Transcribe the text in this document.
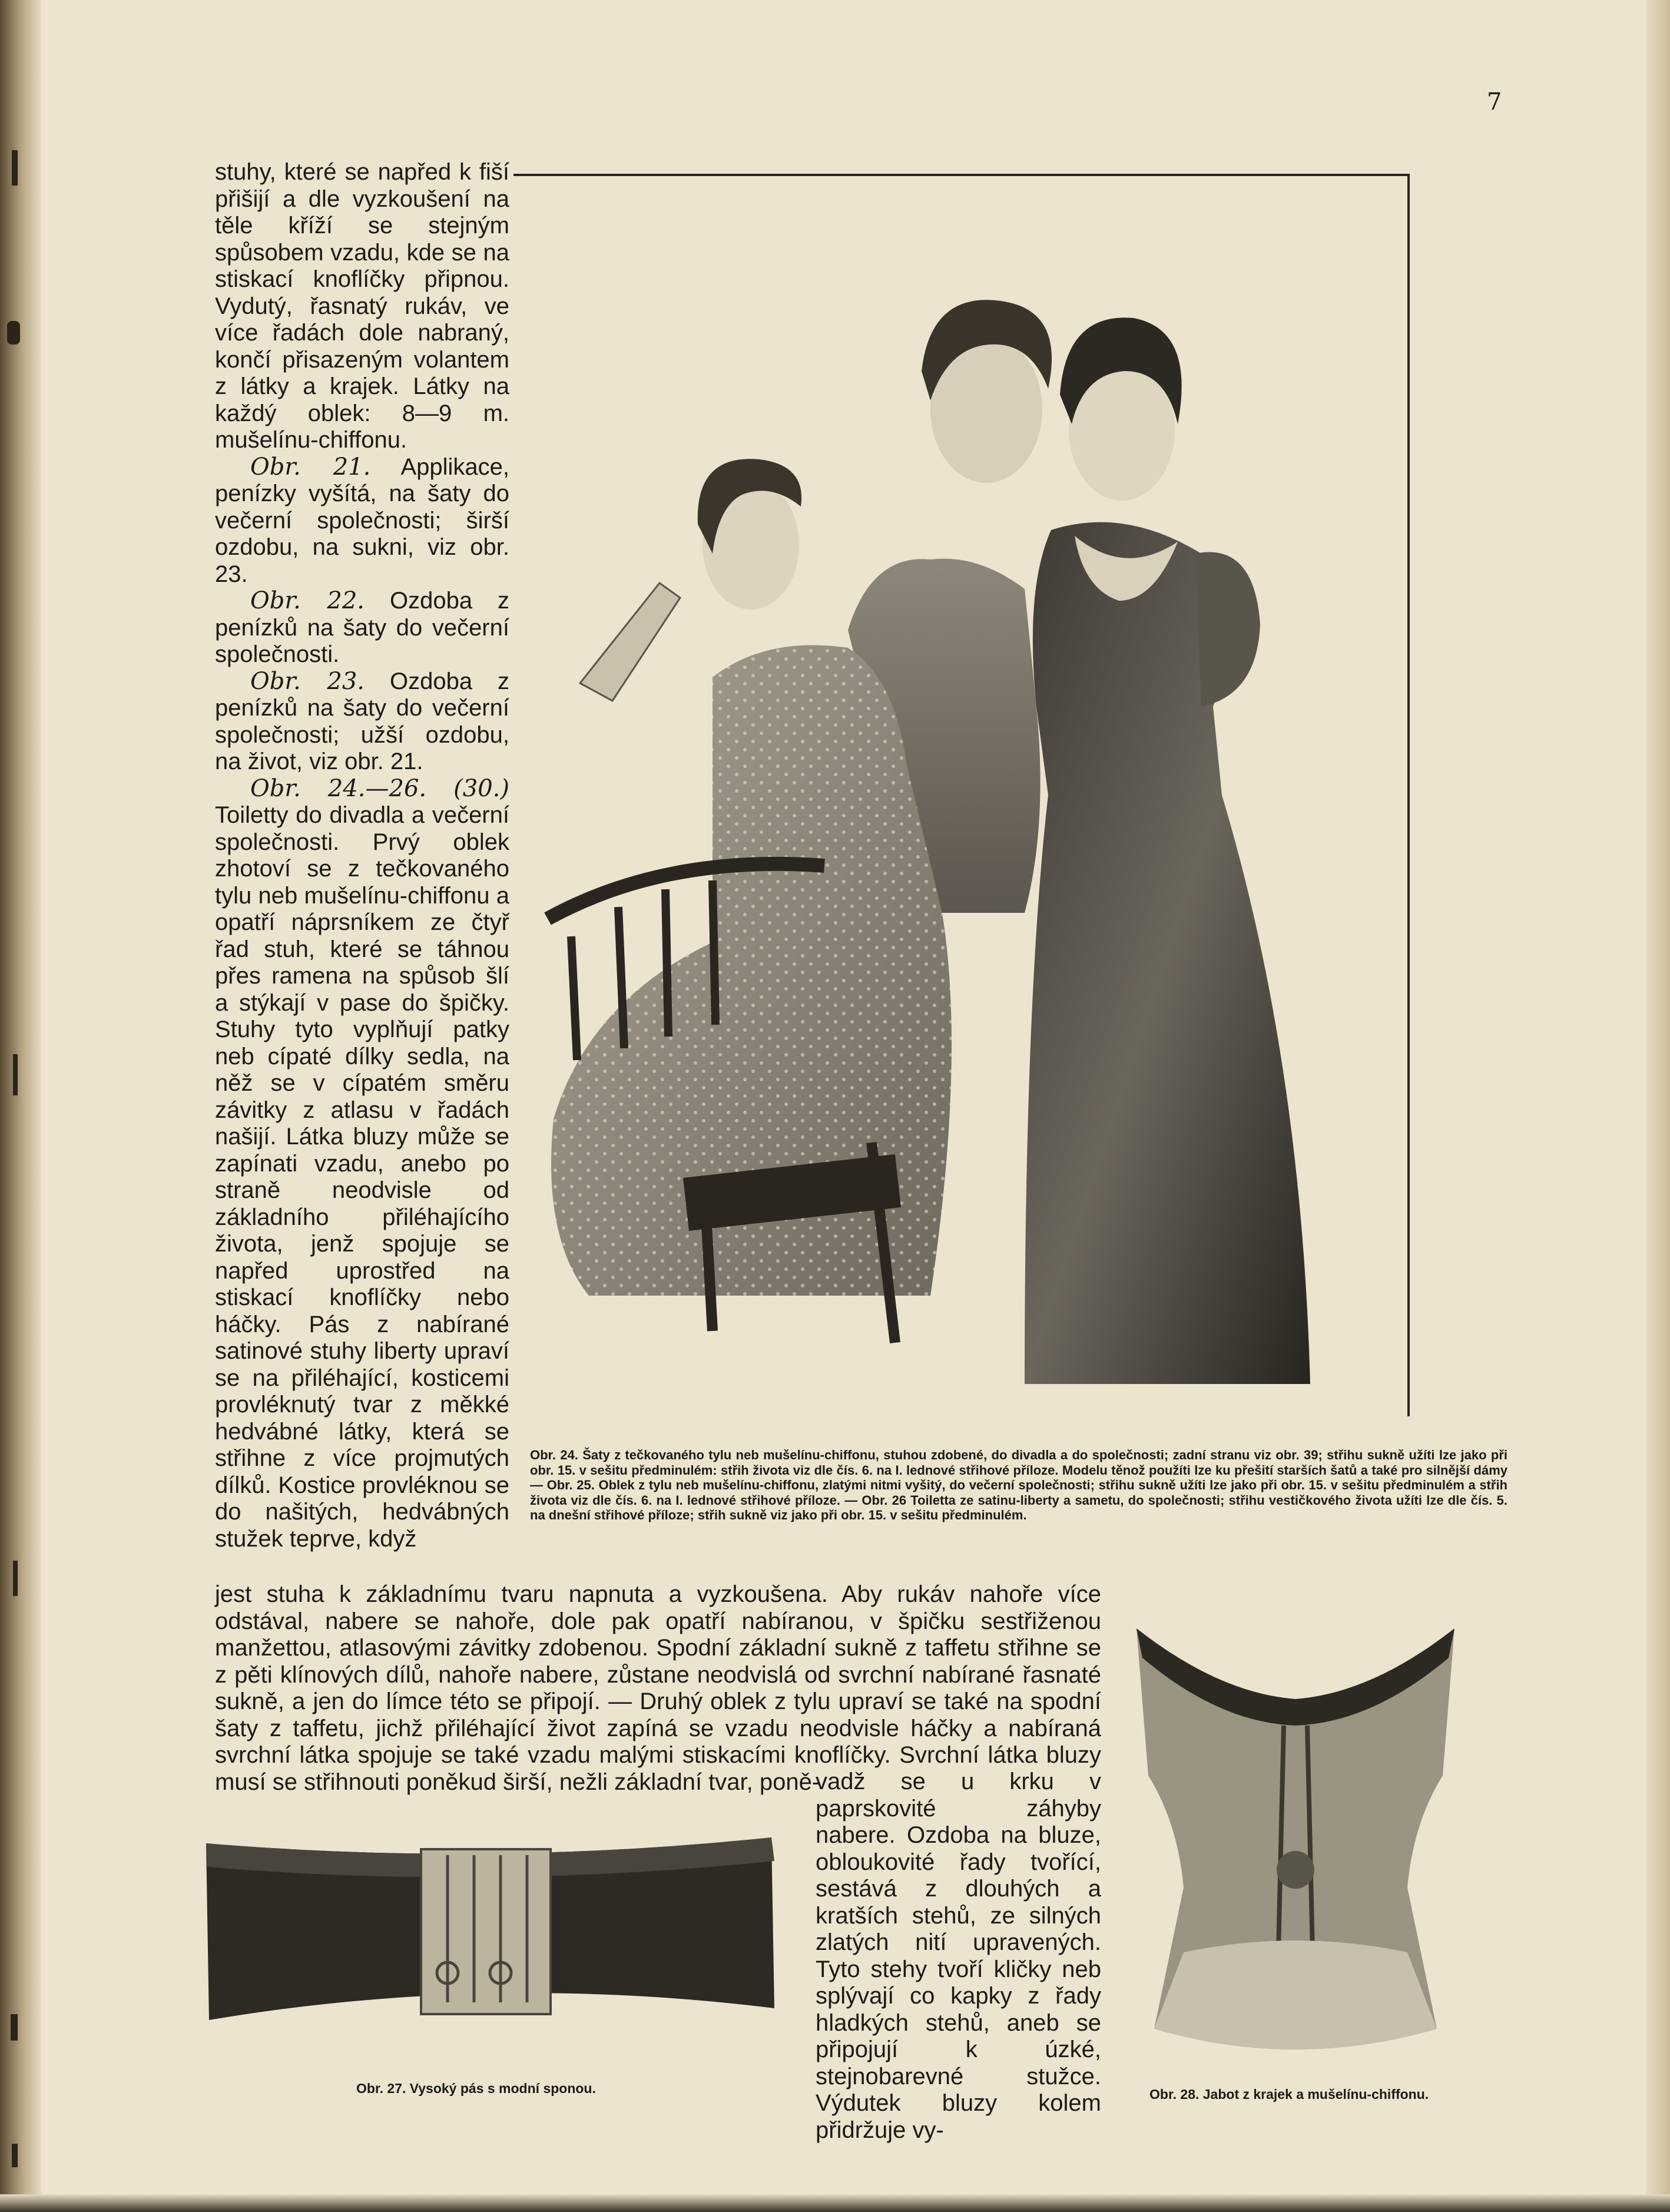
7

stuhy, které se napřed k fiší přišijí a dle vyzkoušení na těle kříží se stejným spůsobem vzadu, kde se na stiskací knoflíčky připnou. Vydutý, řasnatý rukáv, ve více řadách dole nabraný, končí přisazeným volantem z látky a krajek. Látky na každý oblek: 8—9 m. mušelínu-chiffonu.

Obr. 21. Applikace, penízky vyšítá, na šaty do večerní společnosti; širší ozdobu, na sukni, viz obr. 23.

Obr. 22. Ozdoba z penízků na šaty do večerní společnosti.

Obr. 23. Ozdoba z penízků na šaty do večerní společnosti; užší ozdobu, na život, viz obr. 21.

Obr. 24.—26. (30.) Toiletty do divadla a večerní společnosti. Prvý oblek zhotoví se z tečkovaného tylu neb mušelínu-chiffonu a opatří náprsníkem ze čtyř řad stuh, které se táhnou přes ramena na spůsob šlí a stýkají v pase do špičky. Stuhy tyto vyplňují patky neb cípaté dílky sedla, na něž se v cípatém směru závitky z atlasu v řadách našijí. Látka bluzy může se zapínati vzadu, anebo po straně neodvisle od základního přiléhajícího života, jenž spojuje se napřed uprostřed na stiskací knoflíčky nebo háčky. Pás z nabírané satinové stuhy liberty upraví se na přiléhající, kosticemi provléknutý tvar z měkké hedvábné látky, která se střihne z více projmutých dílků. Kostice provléknou se do našitých, hedvábných stužek teprve, když

Obr. 24. Šaty z tečkovaného tylu neb mušelínu-chiffonu, stuhou zdobené, do divadla a do společnosti; zadní stranu viz obr. 39; střihu sukně užíti lze jako při obr. 15. v sešitu předminulém: střih života viz dle čís. 6. na I. lednové střihové příloze. Modelu těnož použíti lze ku přešití starších šatů a také pro silnější dámy — Obr. 25. Oblek z tylu neb mušelínu-chiffonu, zlatými nitmi vyšitý, do večerní společnosti; střihu sukně užíti lze jako při obr. 15. v sešitu předminulém a střih života viz dle čís. 6. na I. lednové střihové příloze. — Obr. 26 Toiletta ze satinu-liberty a sametu, do společnosti; střihu vestičkového života užíti lze dle čís. 5. na dnešní střihové příloze; střih sukně viz jako při obr. 15. v sešitu předminulém.

jest stuha k základnímu tvaru napnuta a vyzkoušena. Aby rukáv nahoře více odstával, nabere se nahoře, dole pak opatří nabíranou, v špičku sestřiženou manžettou, atlasovými závitky zdobenou. Spodní základní sukně z taffetu střihne se z pěti klínových dílů, nahoře nabere, zůstane neodvislá od svrchní nabírané řasnaté sukně, a jen do límce této se připojí. — Druhý oblek z tylu upraví se také na spodní šaty z taffetu, jichž přiléhající život zapíná se vzadu neodvisle háčky a nabíraná svrchní látka spojuje se také vzadu malými stiskacími knoflíčky. Svrchní látka bluzy musí se střihnouti poněkud širší, nežli základní tvar, poně-

Obr. 27. Vysoký pás s modní sponou.

vadž se u krku v paprskovité záhyby nabere. Ozdoba na bluze, obloukovité řady tvořící, sestává z dlouhých a kratších stehů, ze silných zlatých nití upravených. Tyto stehy tvoří kličky neb splývají co kapky z řady hladkých stehů, aneb se připojují k úzké, stejnobarevné stužce. Výdutek bluzy kolem přidržuje vy-

Obr. 28. Jabot z krajek a mušelínu-chiffonu.
